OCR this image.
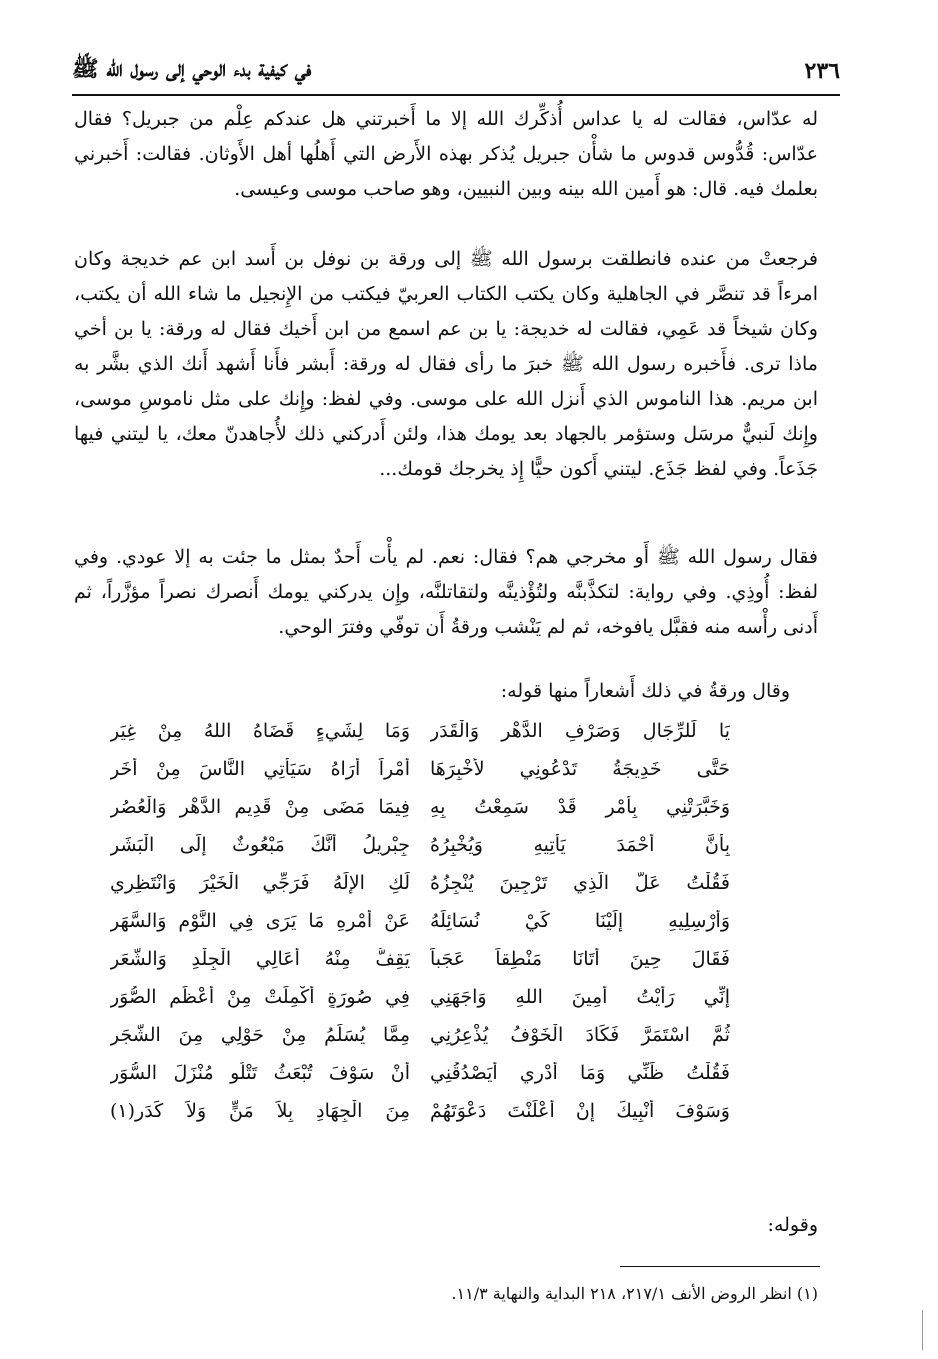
٢٣٦
في كيفية بدء الوحي إلى رسول الله ﷺ
له عدّاس، فقالت له يا عداس أُذكِّرك الله إلا ما أَخبرتني هل عندكم عِلْم من جبريل؟ فقال عدّاس: قُدُّوس قدوس ما شأْن جبريل يُذكر بهذه الأَرض التي أَهلُها أهل الأَوثان. فقالت: أَخبرني بعلمك فيه. قال: هو أَمين الله بينه وبين النبيين، وهو صاحب موسى وعيسى.
فرجعتْ من عنده فانطلقت برسول الله ﷺ إلى ورقة بن نوفل بن أَسد ابن عم خديجة وكان امرءاً قد تنصَّر في الجاهلية وكان يكتب الكتاب العربيّ فيكتب من الإِنجيل ما شاء الله أن يكتب، وكان شيخاً قد عَمِي، فقالت له خديجة: يا بن عم اسمع من ابن أَخيك فقال له ورقة: يا بن أخي ماذا ترى. فأَخبره رسول الله ﷺ خبرَ ما رأى فقال له ورقة: أَبشر فأَنا أَشهد أَنك الذي بشَّر به ابن مريم. هذا الناموس الذي أَنزل الله على موسى. وفي لفظ: وإِنك على مثل ناموسِ موسى، وإِنك لَنبيٌّ مرسَل وستؤمر بالجهاد بعد يومك هذا، ولئن أَدركني ذلك لأُجاهدنّ معك، يا ليتني فيها جَذَعاً. وفي لفظ جَذَع. ليتني أَكون حيًّا إِذ يخرجك قومك...
فقال رسول الله ﷺ أَو مخرجي هم؟ فقال: نعم. لم يأْت أَحدٌ بمثل ما جئت به إلا عودي. وفي لفظ: أُوذِي. وفي رواية: لتكذَّبنَّه ولتُؤْذينَّه ولتقاتلنَّه، وإِن يدركني يومك أَنصرك نصراً مؤزَّراً، ثم أَدنى رأْسه منه فقبَّل يافوخه، ثم لم يَنْشب ورقةُ أَن توفّي وفترَ الوحي.
وقال ورقةُ في ذلك أَشعاراً منها قوله:
يَا لَلرِّجَالِ وَصَرْفِ الدَّهْرِ وَالْقَدَرِ
وَمَا لِشَيءٍ قَضَاهُ اللهُ مِنْ غِيَرِ
حَتَّى خَدِيجَةُ تَدْعُونِي لأُخْبِرَهَا
أَمْراً أَرَاهُ سَيَأْتِي النَّاسَ مِنْ أُخَرِ
وَخَبَّرَتْنِي بِأَمْرٍ قَدْ سَمِعْتُ بِهِ
فِيمَا مَضَى مِنْ قَدِيمِ الدَّهْرِ وَالْعُصُرِ
بِأَنَّ أَحْمَدَ يَأْتِيهِ وَيُخْبِرُهُ
جِبْرِيلُ أَنَّكَ مَبْعُوثٌ إِلَى الْبَشَرِ
فَقُلْتُ عَلَّ الَّذِي تَرْجِينَ يُنْجِزُهُ
لَكِ الإِلَهُ فَرَجِّي الْخَيْرَ وَانْتَظِرِي
وَأَرْسِلِيهِ إِلَيْنَا كَيْ نُسَائِلَهُ
عَنْ أَمْرِهِ مَا يَرَى فِي النَّوْمِ وَالسَّهَرِ
فَقَالَ حِينَ أَتَانَا مَنْطِقاً عَجَباً
يَقِفُّ مِنْهُ أَعَالِي الْجِلْدِ وَالشَّعَرِ
إِنِّي رَأَيْتُ أَمِينَ اللهِ وَاجَهَنِي
فِي صُورَةٍ أُكْمِلَتْ مِنْ أَعْظَمِ الصُّوَرِ
ثُمَّ اسْتَمَرَّ فَكَادَ الْخَوْفُ يُذْعِرُنِي
مِمَّا يُسَلِّمُ مِنْ حَوْلِي مِنَ الشَّجَرِ
فَقُلْتُ ظَنِّي وَمَا أَدْرِي أَيَصْدُقُنِي
أَنْ سَوْفَ تُبْعَثُ تَتْلُو مُنْزَلَ السُّوَرِ
وَسَوْفَ أُنْبِيكَ إِنْ أَعْلَنْتَ دَعْوَتَهُمْ
مِنَ الْجِهَادِ بِلاَ مَنٍّ وَلاَ كَدَرِ(١)
وقوله:
(١) انظر الروض الأنف ٢١٧/١، ٢١٨ البداية والنهاية ١١/٣.
